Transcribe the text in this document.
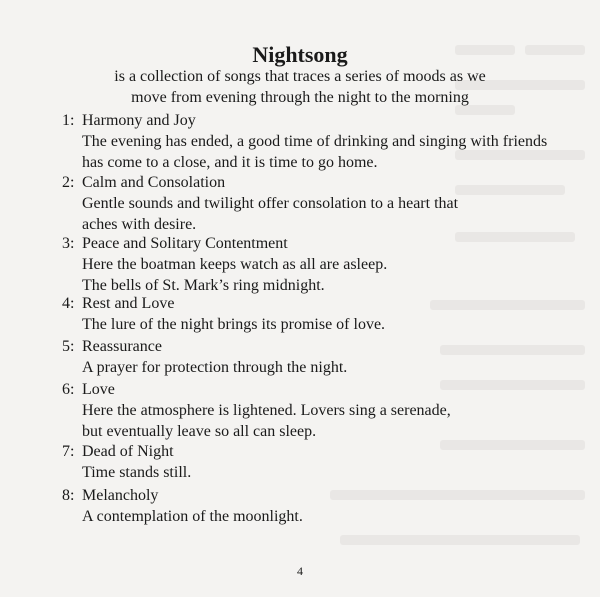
Nightsong
is a collection of songs that traces a series of moods as we
move from evening through the night to the morning
1: Harmony and Joy
The evening has ended, a good time of drinking and singing with friends
has come to a close, and it is time to go home.
2: Calm and Consolation
Gentle sounds and twilight offer consolation to a heart that
aches with desire.
3: Peace and Solitary Contentment
Here the boatman keeps watch as all are asleep.
The bells of St. Mark’s ring midnight.
4: Rest and Love
The lure of the night brings its promise of love.
5: Reassurance
A prayer for protection through the night.
6: Love
Here the atmosphere is lightened. Lovers sing a serenade,
but eventually leave so all can sleep.
7: Dead of Night
Time stands still.
8: Melancholy
A contemplation of the moonlight.
4
